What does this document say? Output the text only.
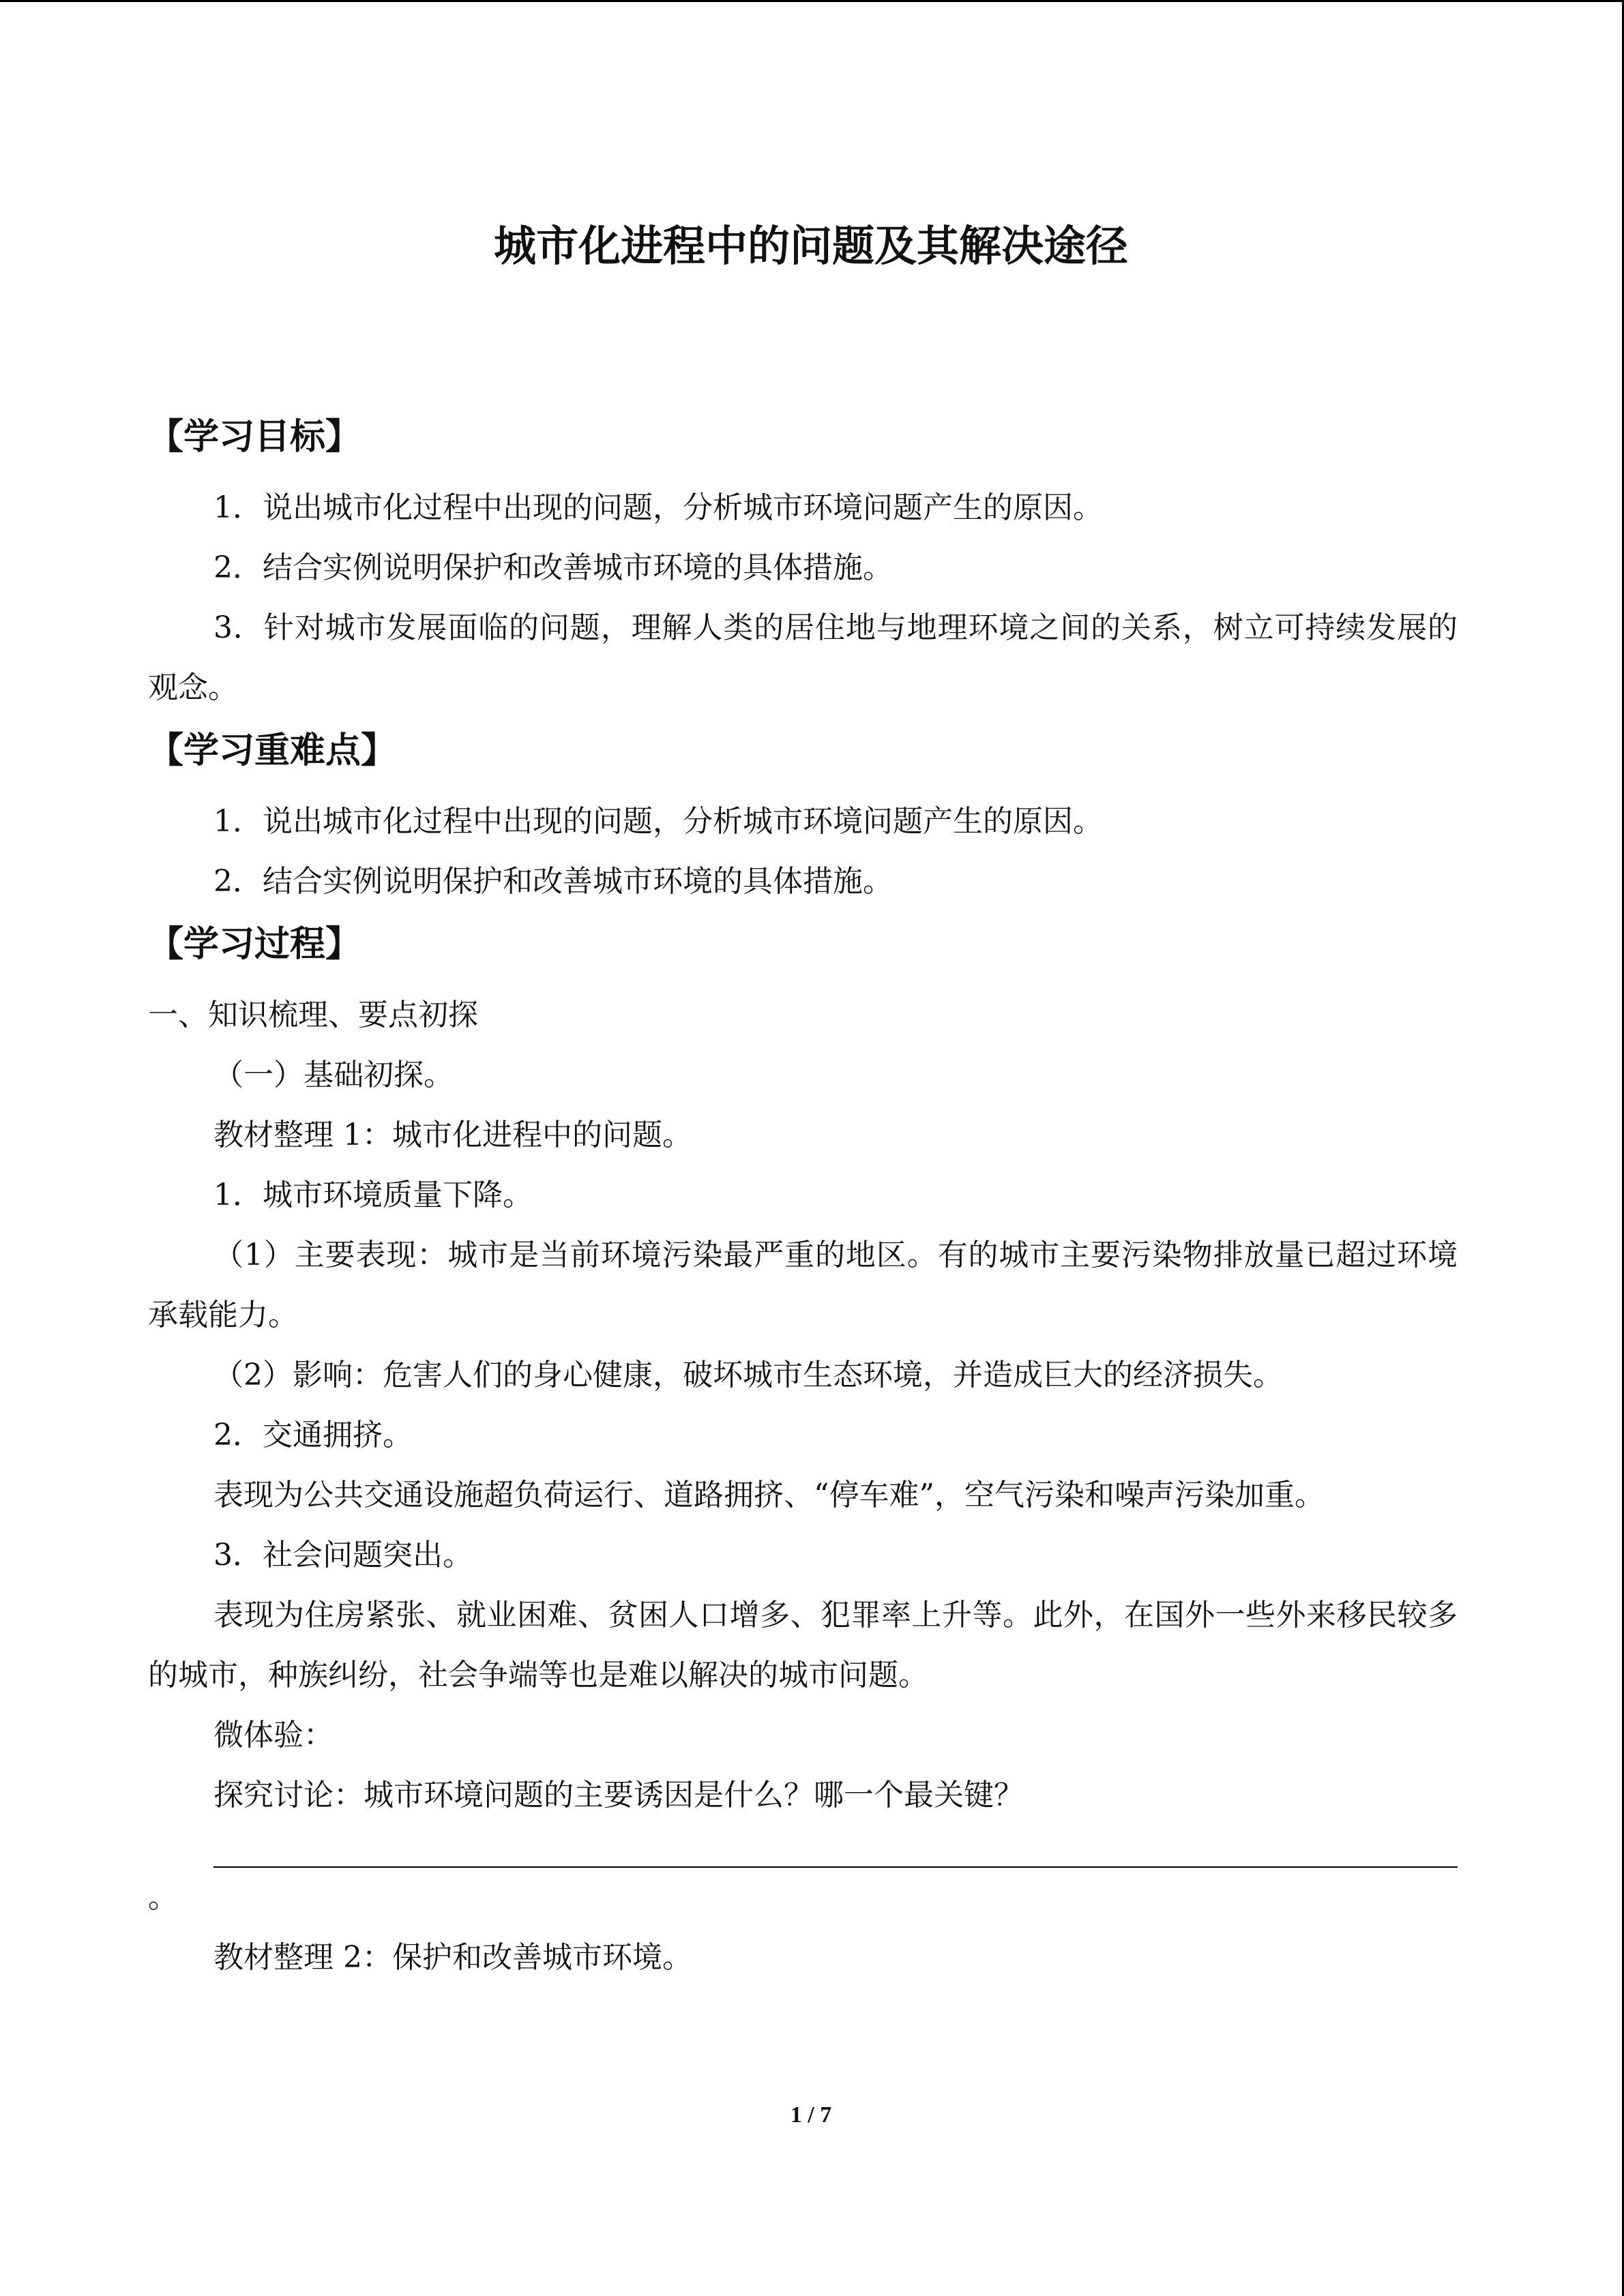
城市化进程中的问题及其解决途径
【学习目标】

1．说出城市化过程中出现的问题，分析城市环境问题产生的原因。

2．结合实例说明保护和改善城市环境的具体措施。

3．针对城市发展面临的问题，理解人类的居住地与地理环境之间的关系，树立可持续发展的观念。

【学习重难点】

1．说出城市化过程中出现的问题，分析城市环境问题产生的原因。

2．结合实例说明保护和改善城市环境的具体措施。

【学习过程】

一、知识梳理、要点初探

（一）基础初探。

教材整理 1：城市化进程中的问题。

1．城市环境质量下降。

（1）主要表现：城市是当前环境污染最严重的地区。有的城市主要污染物排放量已超过环境承载能力。

（2）影响：危害人们的身心健康，破坏城市生态环境，并造成巨大的经济损失。

2．交通拥挤。

表现为公共交通设施超负荷运行、道路拥挤、“停车难”，空气污染和噪声污染加重。

3．社会问题突出。

表现为住房紧张、就业困难、贫困人口增多、犯罪率上升等。此外，在国外一些外来移民较多的城市，种族纠纷，社会争端等也是难以解决的城市问题。

微体验：

探究讨论：城市环境问题的主要诱因是什么？哪一个最关键？

。

教材整理 2：保护和改善城市环境。

1 / 7
